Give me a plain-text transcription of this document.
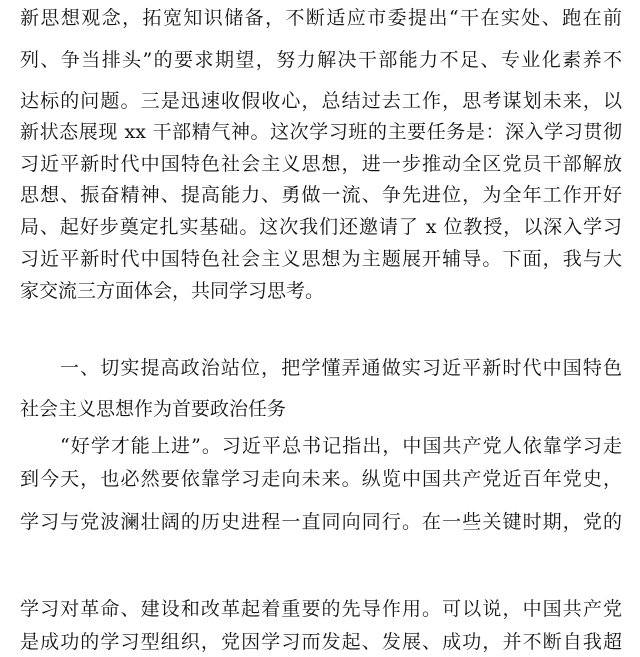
新思想观念，拓宽知识储备，不断适应市委提出“干在实处、跑在前
列、争当排头”的要求期望，努力解决干部能力不足、专业化素养不
达标的问题。三是迅速收假收心，总结过去工作，思考谋划未来，以
新状态展现 xx 干部精气神。这次学习班的主要任务是：深入学习贯彻
习近平新时代中国特色社会主义思想，进一步推动全区党员干部解放
思想、振奋精神、提高能力、勇做一流、争先进位，为全年工作开好
局、起好步奠定扎实基础。这次我们还邀请了 x 位教授，以深入学习
习近平新时代中国特色社会主义思想为主题展开辅导。下面，我与大
家交流三方面体会，共同学习思考。
一、切实提高政治站位，把学懂弄通做实习近平新时代中国特色
社会主义思想作为首要政治任务
“好学才能上进”。习近平总书记指出，中国共产党人依靠学习走
到今天，也必然要依靠学习走向未来。纵览中国共产党近百年党史，
学习与党波澜壮阔的历史进程一直同向同行。在一些关键时期，党的
学习对革命、建设和改革起着重要的先导作用。可以说，中国共产党
是成功的学习型组织，党因学习而发起、发展、成功，并不断自我超
